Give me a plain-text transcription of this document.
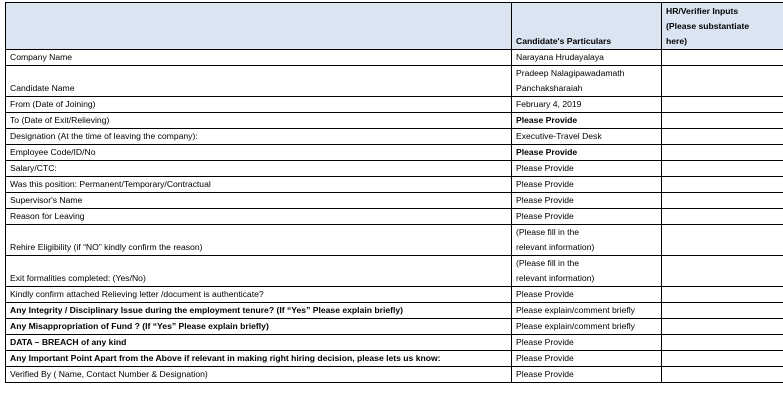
	Candidate's Particulars	HR/Verifier Inputs
(Please substantiate
here)

Company Name	Narayana Hrudayalaya	
Candidate Name	Pradeep Nalagipawadamath
Panchaksharaiah	

From (Date of Joining)	February 4, 2019	
To (Date of Exit/Relieving)	Please Provide	
Designation (At the time of leaving the company):	Executive-Travel Desk	
Employee Code/ID/No	Please Provide	
Salary/CTC:	Please Provide	
Was this position: Permanent/Temporary/Contractual	Please Provide	
Supervisor's Name	Please Provide	
Reason for Leaving	Please Provide	
Rehire Eligibility (if “NO” kindly confirm the reason)	(Please fill in the
relevant information)	

Exit formalities completed: (Yes/No)	(Please fill in the
relevant information)	

Kindly confirm attached Relieving letter /document is authenticate?	Please Provide	
Any Integrity / Disciplinary Issue during the employment tenure? (If “Yes” Please explain briefly)	Please explain/comment briefly	
Any Misappropriation of Fund ? (If “Yes” Please explain briefly)	Please explain/comment briefly	
DATA – BREACH of any kind	Please Provide	
Any Important Point Apart from the Above if relevant in making right hiring decision, please lets us know:	Please Provide	
Verified By ( Name, Contact Number & Designation)	Please Provide	
